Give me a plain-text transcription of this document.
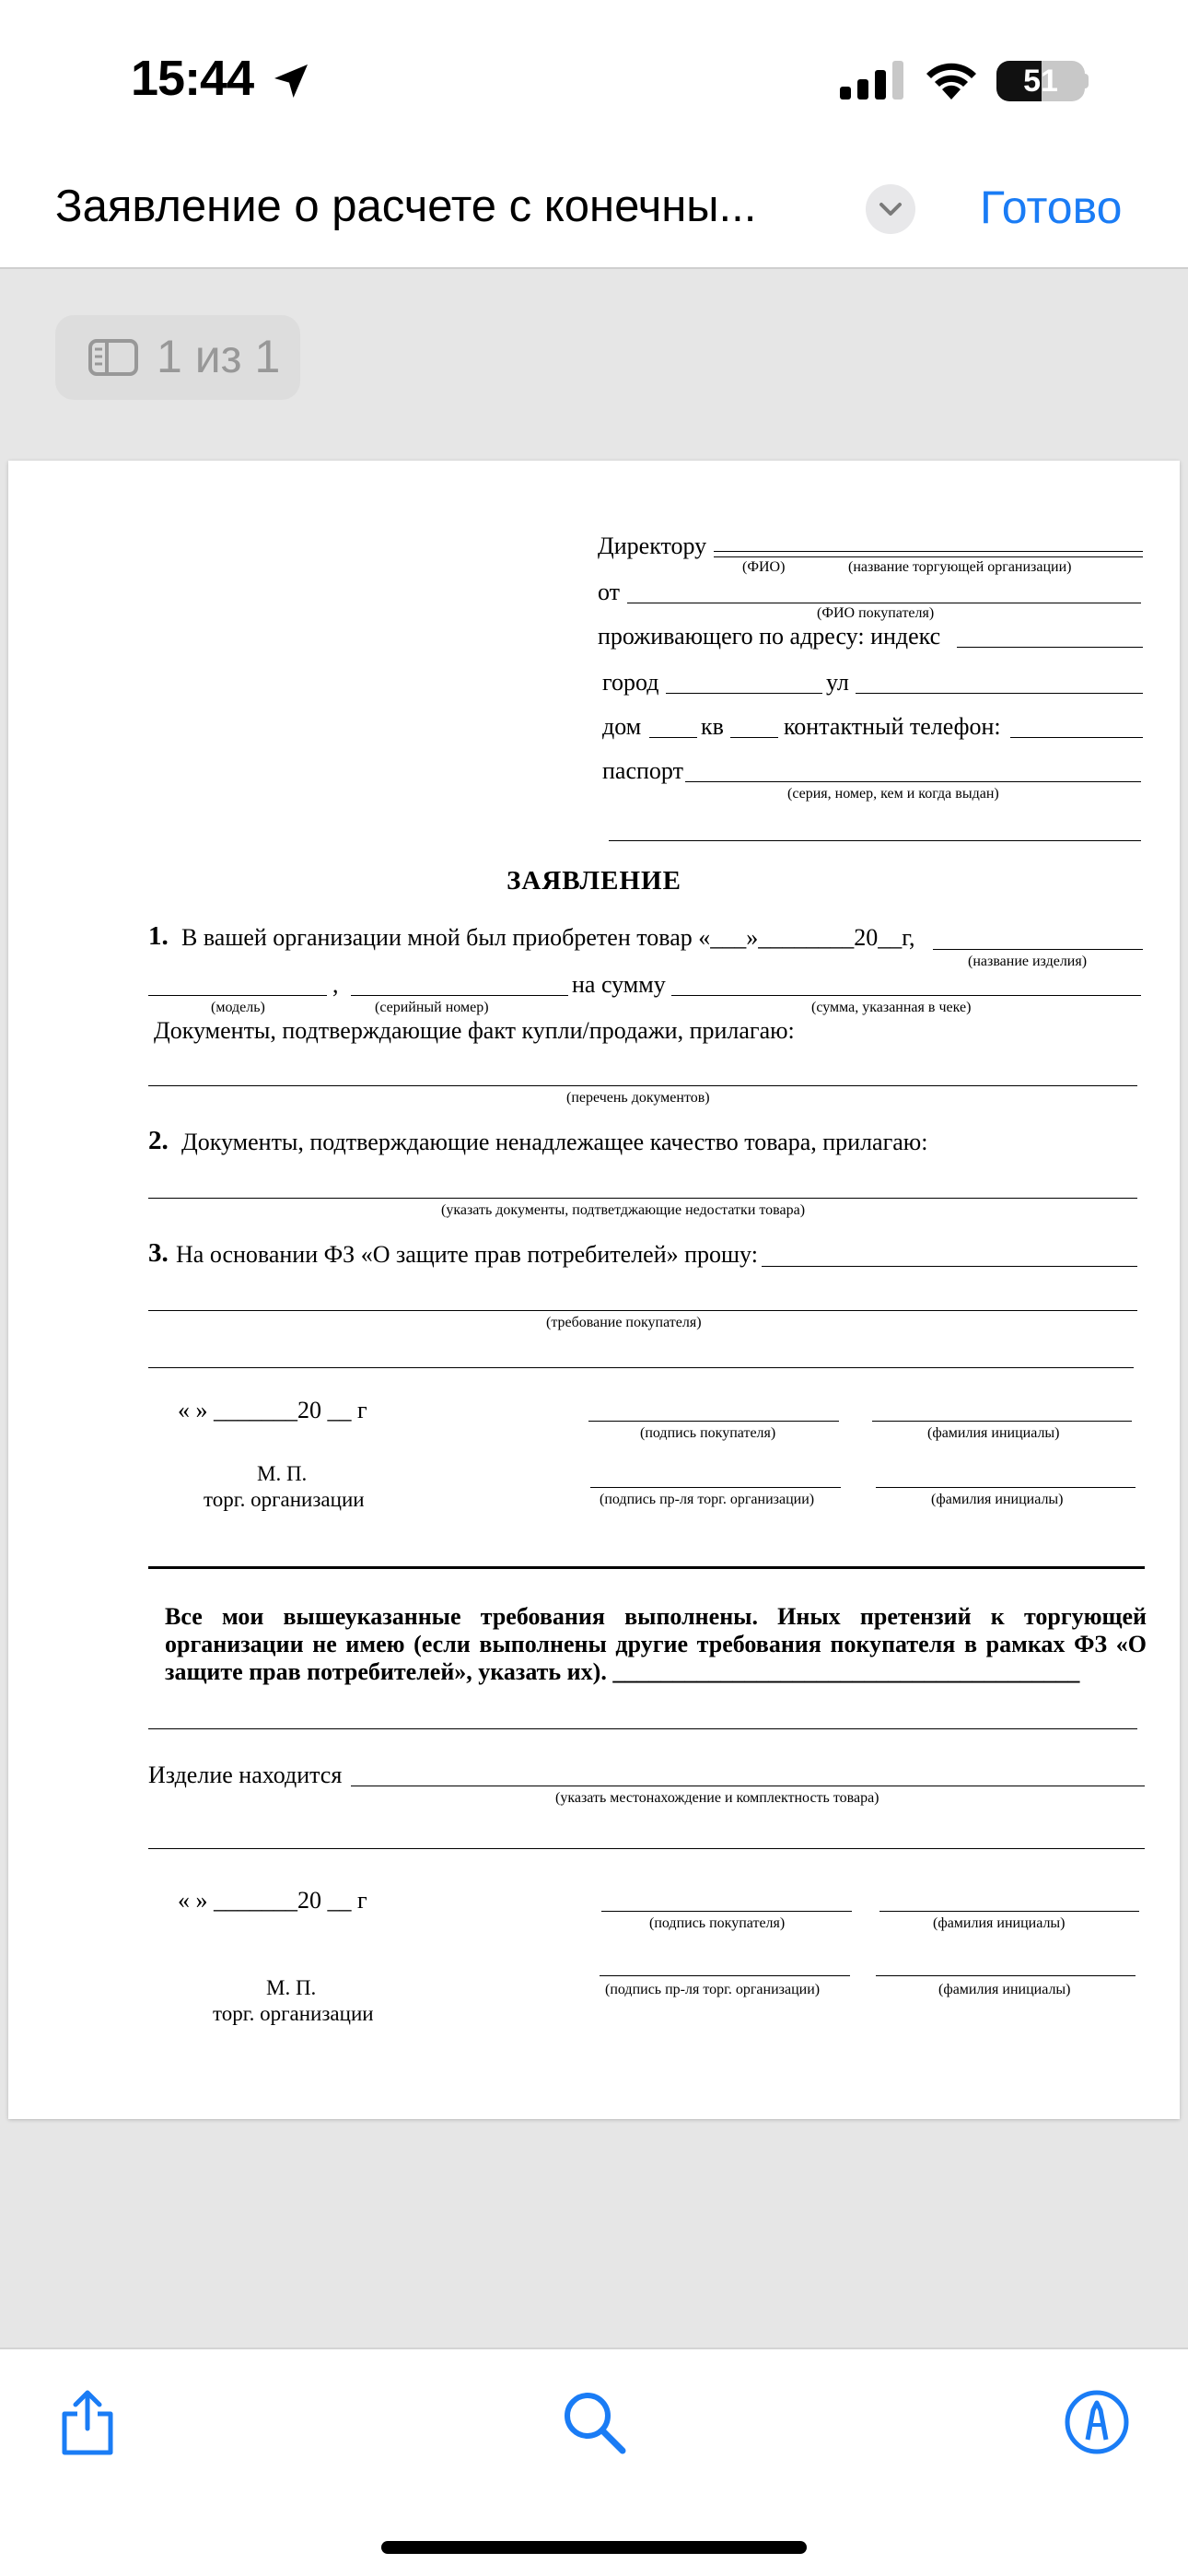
15:44	51
Заявление о расчете с конечны...	Готово
1 из 1
Директору
(ФИО)	(название торгующей организации)
от
(ФИО покупателя)
проживающего по адресу: индекс
город	ул
дом кв	контактный телефон:
паспорт
(серия, номер, кем и когда выдан)
ЗАЯВЛЕНИЕ
1. В вашей организации мной был приобретен товар «___»________20__г,
(название изделия)
,	на сумму
(модель)	(серийный номер)	(сумма, указанная в чеке)
Документы, подтверждающие факт купли/продажи, прилагаю:
(перечень документов)
2. Документы, подтверждающие ненадлежащее качество товара, прилагаю:
(указать документы, подтветджающие недостатки товара)
3. На основании ФЗ «О защите прав потребителей» прошу:
(требование покупателя)
« » _______20 __ г
(подпись покупателя)	(фамилия инициалы)
М. П.
торг. организации	(подпись пр-ля торг. организации)	(фамилия инициалы)
Все мои вышеуказанные требования выполнены. Иных претензий к торгующей организации не имею (если выполнены другие требования покупателя в рамках ФЗ «О защите прав потребителей», указать их). _______________________________________
Изделие находится
(указать местонахождение и комплектность товара)
« » _______20 __ г
(подпись покупателя)	(фамилия инициалы)
М. П.
торг. организации
(подпись пр-ля торг. организации)	(фамилия инициалы)
